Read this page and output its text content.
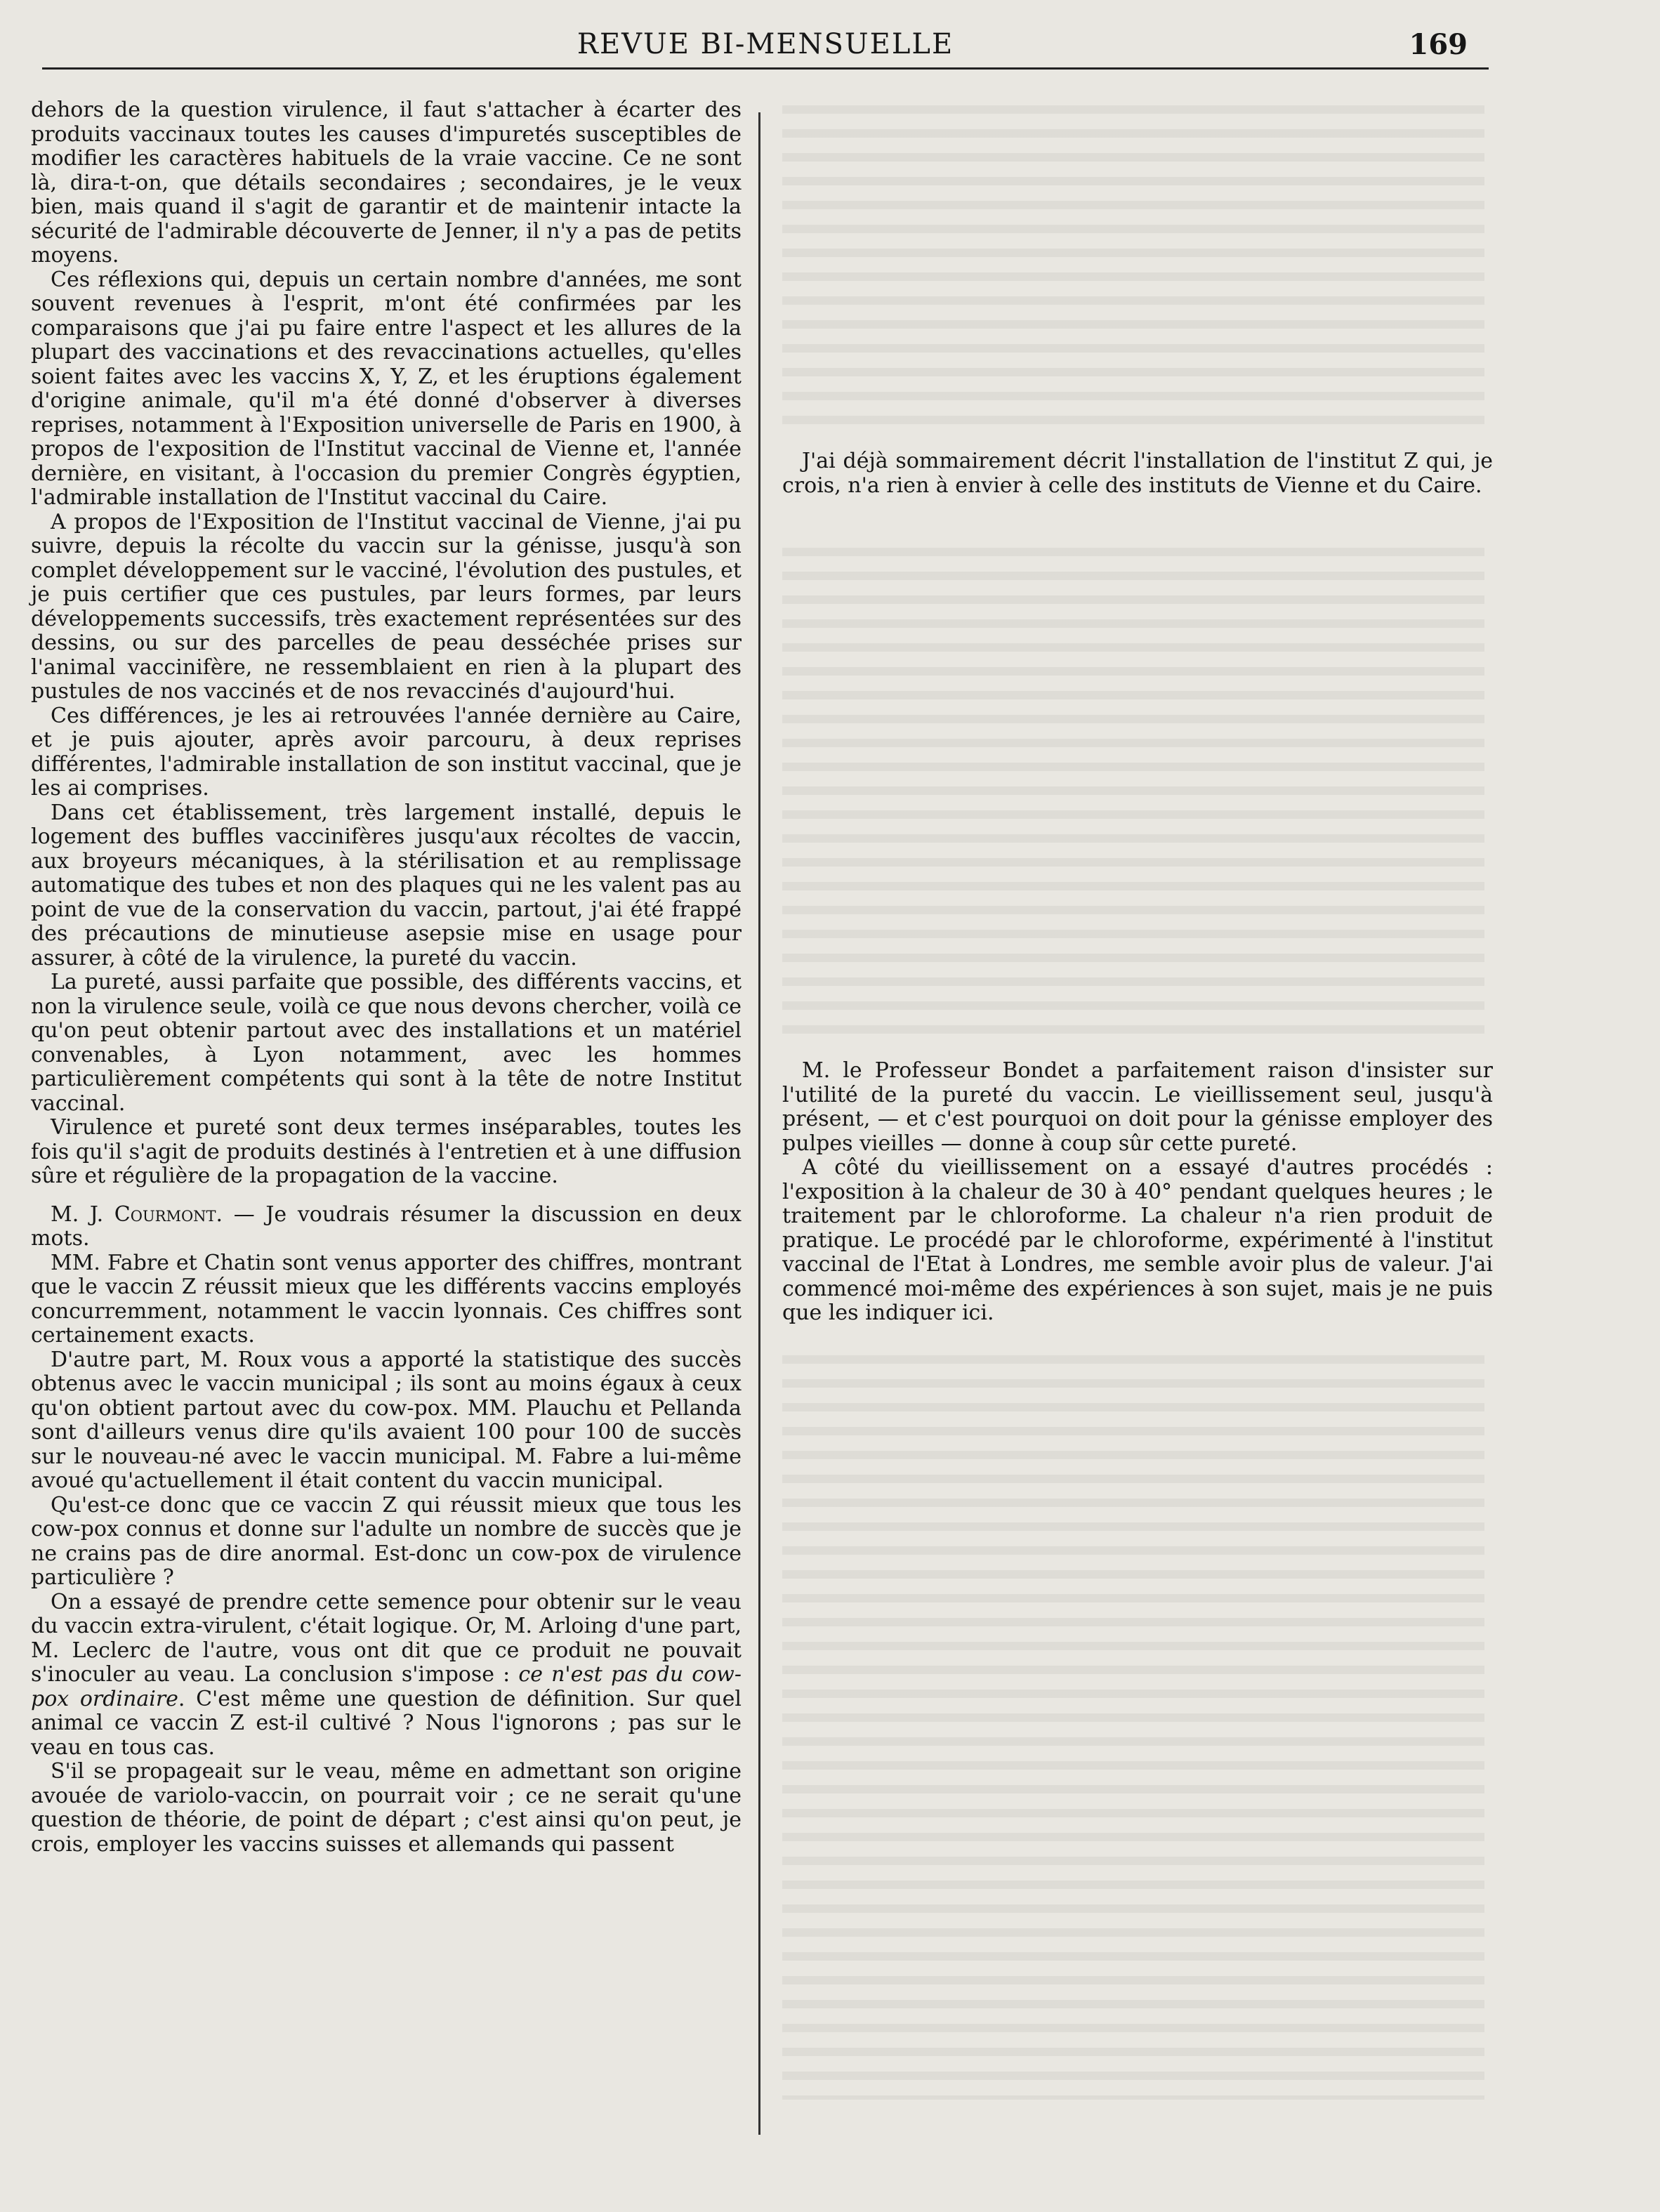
REVUE BI-MENSUELLE	169

dehors de la question virulence, il faut s'attacher à écarter des produits vaccinaux toutes les causes d'impuretés susceptibles de modifier les caractères habituels de la vraie vaccine. Ce ne sont là, dira-t-on, que détails secondaires ; secondaires, je le veux bien, mais quand il s'agit de garantir et de maintenir intacte la sécurité de l'admirable découverte de Jenner, il n'y a pas de petits moyens.

Ces réflexions qui, depuis un certain nombre d'années, me sont souvent revenues à l'esprit, m'ont été confirmées par les comparaisons que j'ai pu faire entre l'aspect et les allures de la plupart des vaccinations et des revaccinations actuelles, qu'elles soient faites avec les vaccins X, Y, Z, et les éruptions également d'origine animale, qu'il m'a été donné d'observer à diverses reprises, notamment à l'Exposition universelle de Paris en 1900, à propos de l'exposition de l'Institut vaccinal de Vienne et, l'année dernière, en visitant, à l'occasion du premier Congrès égyptien, l'admirable installation de l'Institut vaccinal du Caire.

A propos de l'Exposition de l'Institut vaccinal de Vienne, j'ai pu suivre, depuis la récolte du vaccin sur la génisse, jusqu'à son complet développement sur le vacciné, l'évolution des pustules, et je puis certifier que ces pustules, par leurs formes, par leurs développements successifs, très exactement représentées sur des dessins, ou sur des parcelles de peau desséchée prises sur l'animal vaccinifère, ne ressemblaient en rien à la plupart des pustules de nos vaccinés et de nos revaccinés d'aujourd'hui.

Ces différences, je les ai retrouvées l'année dernière au Caire, et je puis ajouter, après avoir parcouru, à deux reprises différentes, l'admirable installation de son institut vaccinal, que je les ai comprises.

Dans cet établissement, très largement installé, depuis le logement des buffles vaccinifères jusqu'aux récoltes de vaccin, aux broyeurs mécaniques, à la stérilisation et au remplissage automatique des tubes et non des plaques qui ne les valent pas au point de vue de la conservation du vaccin, partout, j'ai été frappé des précautions de minutieuse asepsie mise en usage pour assurer, à côté de la virulence, la pureté du vaccin.

La pureté, aussi parfaite que possible, des différents vaccins, et non la virulence seule, voilà ce que nous devons chercher, voilà ce qu'on peut obtenir partout avec des installations et un matériel convenables, à Lyon notamment, avec les hommes particulièrement compétents qui sont à la tête de notre Institut vaccinal.

Virulence et pureté sont deux termes inséparables, toutes les fois qu'il s'agit de produits destinés à l'entretien et à une diffusion sûre et régulière de la propagation de la vaccine.

M. J. Courmont. — Je voudrais résumer la discussion en deux mots.

MM. Fabre et Chatin sont venus apporter des chiffres, montrant que le vaccin Z réussit mieux que les différents vaccins employés concurremment, notamment le vaccin lyonnais. Ces chiffres sont certainement exacts.

D'autre part, M. Roux vous a apporté la statistique des succès obtenus avec le vaccin municipal ; ils sont au moins égaux à ceux qu'on obtient partout avec du cow-pox. MM. Plauchu et Pellanda sont d'ailleurs venus dire qu'ils avaient 100 pour 100 de succès sur le nouveau-né avec le vaccin municipal. M. Fabre a lui-même avoué qu'actuellement il était content du vaccin municipal.

Qu'est-ce donc que ce vaccin Z qui réussit mieux que tous les cow-pox connus et donne sur l'adulte un nombre de succès que je ne crains pas de dire anormal. Est-donc un cow-pox de virulence particulière ?

On a essayé de prendre cette semence pour obtenir sur le veau du vaccin extra-virulent, c'était logique. Or, M. Arloing d'une part, M. Leclerc de l'autre, vous ont dit que ce produit ne pouvait s'inoculer au veau. La conclusion s'impose : ce n'est pas du cow-pox ordinaire. C'est même une question de définition. Sur quel animal ce vaccin Z est-il cultivé ? Nous l'ignorons ; pas sur le veau en tous cas.

S'il se propageait sur le veau, même en admettant son origine avouée de variolo-vaccin, on pourrait voir ; ce ne serait qu'une question de théorie, de point de départ ; c'est ainsi qu'on peut, je crois, employer les vaccins suisses et allemands qui passent

J'ai déjà sommairement décrit l'installation de l'institut Z qui, je crois, n'a rien à envier à celle des instituts de Vienne et du Caire.

M. le Professeur Bondet a parfaitement raison d'insister sur l'utilité de la pureté du vaccin. Le vieillissement seul, jusqu'à présent, — et c'est pourquoi on doit pour la génisse employer des pulpes vieilles — donne à coup sûr cette pureté.

A côté du vieillissement on a essayé d'autres procédés : l'exposition à la chaleur de 30 à 40° pendant quelques heures ; le traitement par le chloroforme. La chaleur n'a rien produit de pratique. Le procédé par le chloroforme, expérimenté à l'institut vaccinal de l'Etat à Londres, me semble avoir plus de valeur. J'ai commencé moi-même des expériences à son sujet, mais je ne puis que les indiquer ici.
